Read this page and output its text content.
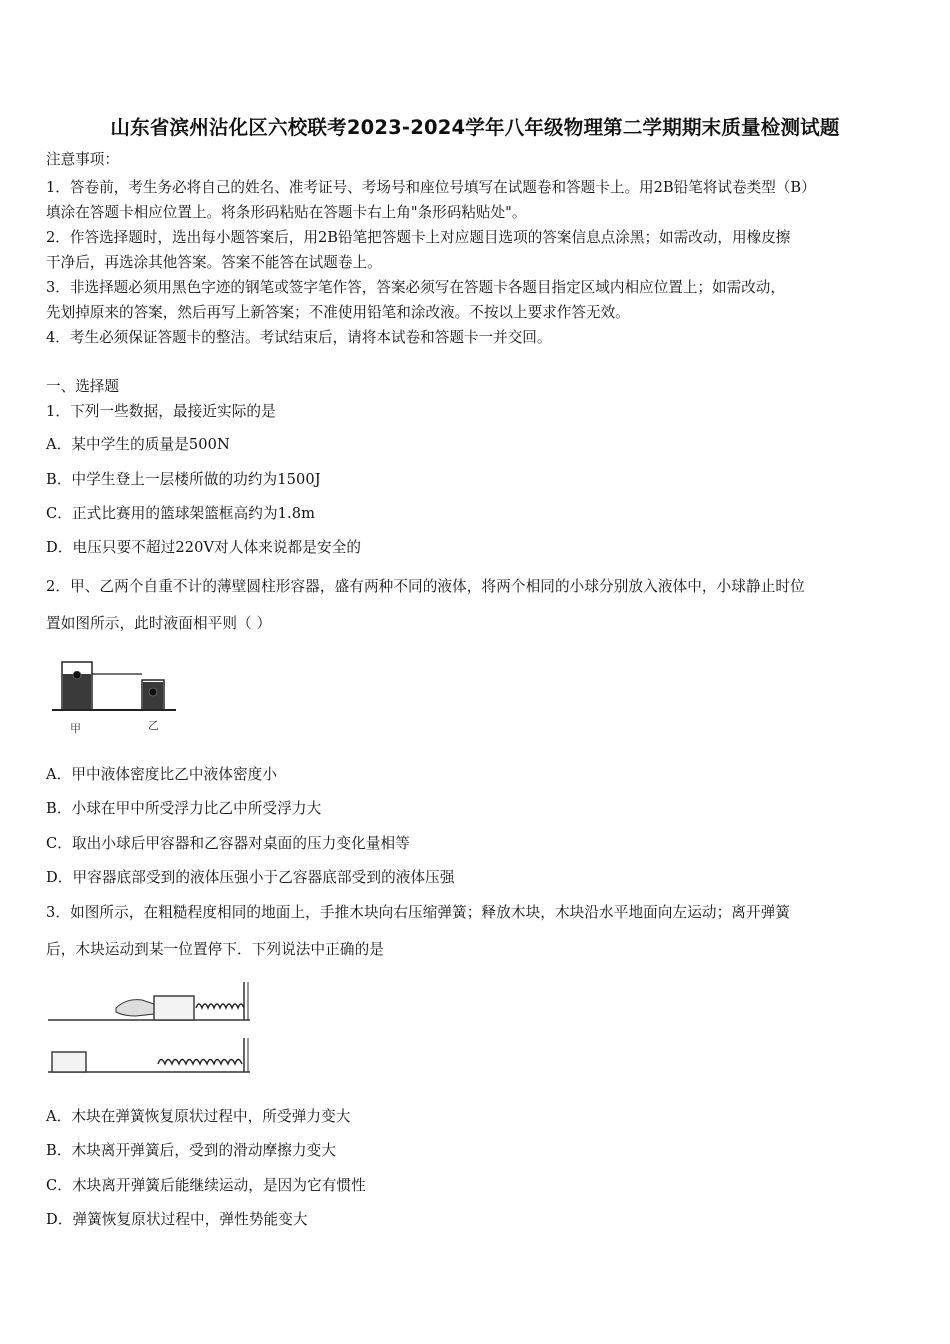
山东省滨州沾化区六校联考2023-2024学年八年级物理第二学期期末质量检测试题
注意事项：
1．答卷前，考生务必将自己的姓名、准考证号、考场号和座位号填写在试题卷和答题卡上。用2B铅笔将试卷类型（B）
填涂在答题卡相应位置上。将条形码粘贴在答题卡右上角"条形码粘贴处"。
2．作答选择题时，选出每小题答案后，用2B铅笔把答题卡上对应题目选项的答案信息点涂黑；如需改动，用橡皮擦
干净后，再选涂其他答案。答案不能答在试题卷上。
3．非选择题必须用黑色字迹的钢笔或签字笔作答，答案必须写在答题卡各题目指定区域内相应位置上；如需改动，
先划掉原来的答案，然后再写上新答案；不准使用铅笔和涂改液。不按以上要求作答无效。
4．考生必须保证答题卡的整洁。考试结束后，请将本试卷和答题卡一并交回。
一、选择题
1．下列一些数据，最接近实际的是
A．某中学生的质量是500N
B．中学生登上一层楼所做的功约为1500J
C．正式比赛用的篮球架篮框高约为1.8m
D．电压只要不超过220V对人体来说都是安全的
2．甲、乙两个自重不计的薄壁圆柱形容器，盛有两种不同的液体，将两个相同的小球分别放入液体中，小球静止时位
置如图所示，此时液面相平则（ ）
甲	乙
A．甲中液体密度比乙中液体密度小
B．小球在甲中所受浮力比乙中所受浮力大
C．取出小球后甲容器和乙容器对桌面的压力变化量相等
D．甲容器底部受到的液体压强小于乙容器底部受到的液体压强
3．如图所示，在粗糙程度相同的地面上，手推木块向右压缩弹簧；释放木块，木块沿水平地面向左运动；离开弹簧
后，木块运动到某一位置停下．下列说法中正确的是
A．木块在弹簧恢复原状过程中，所受弹力变大
B．木块离开弹簧后，受到的滑动摩擦力变大
C．木块离开弹簧后能继续运动，是因为它有惯性
D．弹簧恢复原状过程中，弹性势能变大
